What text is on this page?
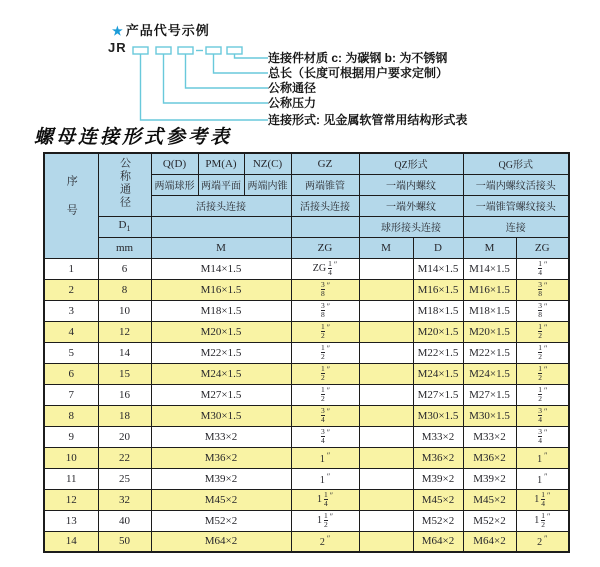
★ 产品代号示例
JR
连接件材质 c: 为碳钢 b: 为不锈钢
总长（长度可根据用户要求定制）
公称通径
公称压力
连接形式: 见金属软管常用结构形式表
螺母连接形式参考表
序号	公称通径	Q(D)	PM(A)	NZ(C)	GZ	QZ形式		QG形式	
		两端球形	两端平面	两端内锥	两端锥管	一端内螺纹		一端内螺纹活接头	
		活接头连接			活接头连接	一端外螺纹		一端锥管螺纹接头	
	$D_1$					球形接头连接		连接	
	mm	M			ZG	M	D	M	ZG
1	6	M14×1.5			ZG $\frac{1}{4} ''$		M14×1.5	M14×1.5	$\frac{1}{4} ''$
2	8	M16×1.5			$\frac{3}{8} ''$		M16×1.5	M16×1.5	$\frac{3}{8} ''$
3	10	M18×1.5			$\frac{3}{8} ''$		M18×1.5	M18×1.5	$\frac{3}{8} ''$
4	12	M20×1.5			$\frac{1}{2} ''$		M20×1.5	M20×1.5	$\frac{1}{2} ''$
5	14	M22×1.5			$\frac{1}{2} ''$		M22×1.5	M22×1.5	$\frac{1}{2} ''$
6	15	M24×1.5			$\frac{1}{2} ''$		M24×1.5	M24×1.5	$\frac{1}{2} ''$
7	16	M27×1.5			$\frac{1}{2} ''$		M27×1.5	M27×1.5	$\frac{1}{2} ''$
8	18	M30×1.5			$\frac{3}{4} ''$		M30×1.5	M30×1.5	$\frac{3}{4} ''$
9	20	M33×2			$\frac{3}{4} ''$		M33×2	M33×2	$\frac{3}{4} ''$
10	22	M36×2			1 ″		M36×2	M36×2	1 ″
11	25	M39×2			1 ″		M39×2	M39×2	1 ″
12	32	M45×2			$1 \frac{1}{4} ''$		M45×2	M45×2	$1 \frac{1}{4} ''$
13	40	M52×2			$1 \frac{1}{2} ''$		M52×2	M52×2	$1 \frac{1}{2} ''$
14	50	M64×2			2 ″		M64×2	M64×2	2 ″
